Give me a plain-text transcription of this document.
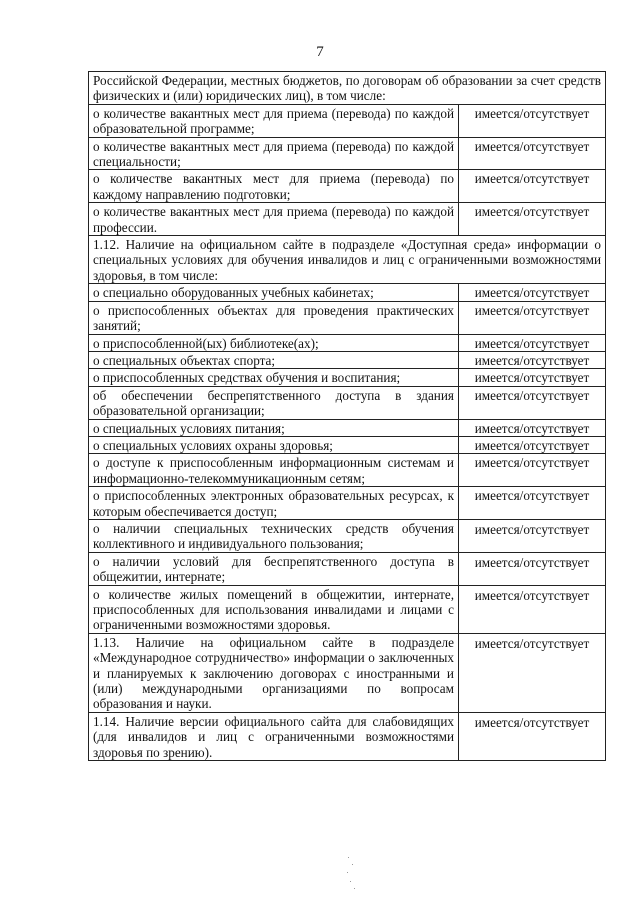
7
Российской Федерации, местных бюджетов, по договорам об образовании за счет средств физических и (или) юридических лиц), в том числе:	
о количестве вакантных мест для приема (перевода) по каждой образовательной программе;	имеется/отсутствует
о количестве вакантных мест для приема (перевода) по каждой специальности;	имеется/отсутствует
о количестве вакантных мест для приема (перевода) по каждому направлению подготовки;	имеется/отсутствует
о количестве вакантных мест для приема (перевода) по каждой профессии.	имеется/отсутствует
1.12. Наличие на официальном сайте в подразделе «Доступная среда» информации о специальных условиях для обучения инвалидов и лиц с ограниченными возможностями здоровья, в том числе:	
о специально оборудованных учебных кабинетах;	имеется/отсутствует
о приспособленных объектах для проведения практических занятий;	имеется/отсутствует
о приспособленной(ых) библиотеке(ах);	имеется/отсутствует
о специальных объектах спорта;	имеется/отсутствует
о приспособленных средствах обучения и воспитания;	имеется/отсутствует
об обеспечении беспрепятственного доступа в здания образовательной организации;	имеется/отсутствует
о специальных условиях питания;	имеется/отсутствует
о специальных условиях охраны здоровья;	имеется/отсутствует
о доступе к приспособленным информационным системам и информационно-телекоммуникационным сетям;	имеется/отсутствует
о приспособленных электронных образовательных ресурсах, к которым обеспечивается доступ;	имеется/отсутствует
о наличии специальных технических средств обучения коллективного и индивидуального пользования;	имеется/отсутствует
о наличии условий для беспрепятственного доступа в общежитии, интернате;	имеется/отсутствует
о количестве жилых помещений в общежитии, интернате, приспособленных для использования инвалидами и лицами с ограниченными возможностями здоровья.	имеется/отсутствует
1.13. Наличие на официальном сайте в подразделе «Международное сотрудничество» информации о заключенных и планируемых к заключению договорах с иностранными и (или) международными организациями по вопросам образования и науки.	имеется/отсутствует
1.14. Наличие версии официального сайта для слабовидящих (для инвалидов и лиц с ограниченными возможностями здоровья по зрению).	имеется/отсутствует
